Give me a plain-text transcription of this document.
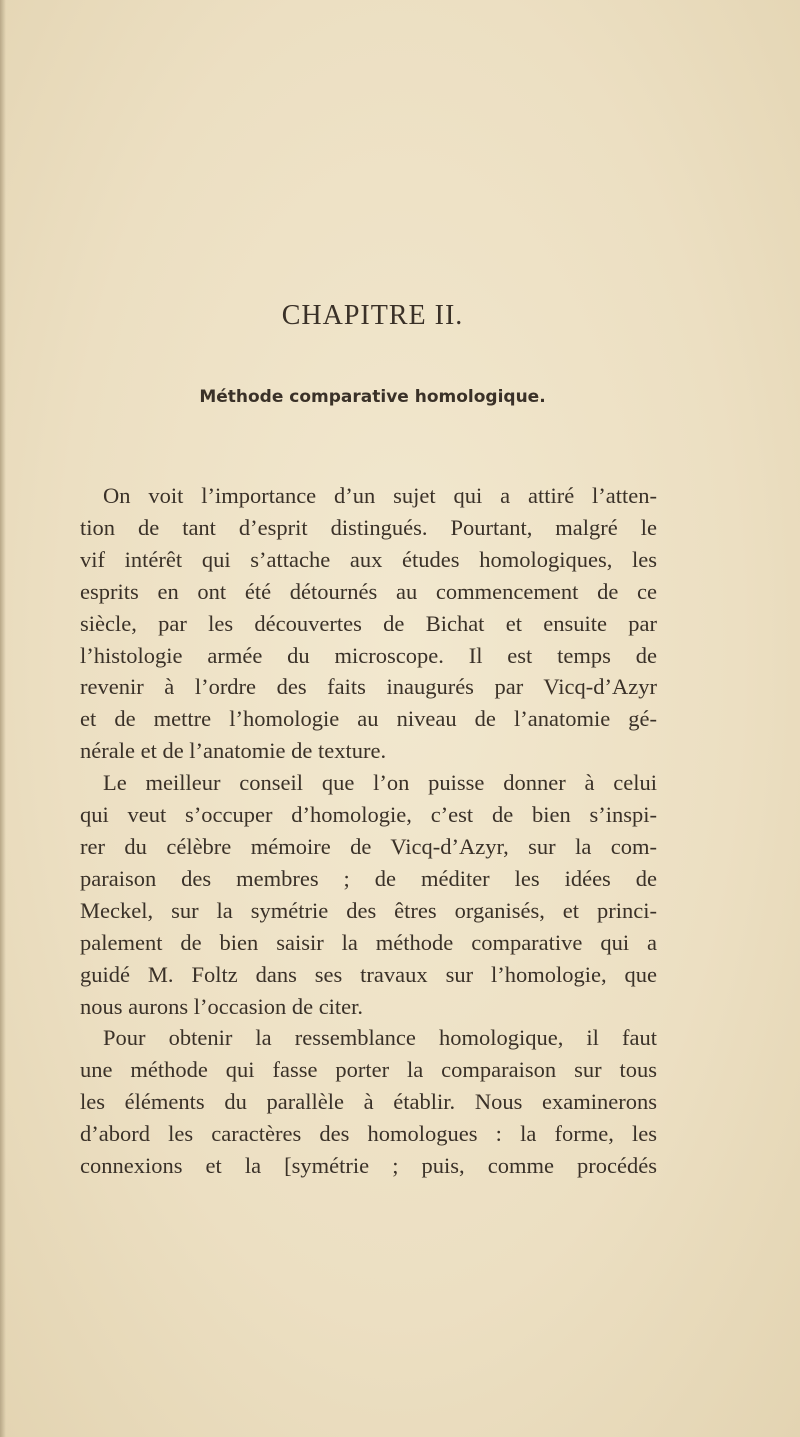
CHAPITRE II.
Méthode comparative homologique.
On voit l’importance d’un sujet qui a attiré l’atten-
tion de tant d’esprit distingués. Pourtant, malgré le
vif intérêt qui s’attache aux études homologiques, les
esprits en ont été détournés au commencement de ce
siècle, par les découvertes de Bichat et ensuite par
l’histologie armée du microscope. Il est temps de
revenir à l’ordre des faits inaugurés par Vicq-d’Azyr
et de mettre l’homologie au niveau de l’anatomie gé-
nérale et de l’anatomie de texture.
Le meilleur conseil que l’on puisse donner à celui
qui veut s’occuper d’homologie, c’est de bien s’inspi-
rer du célèbre mémoire de Vicq-d’Azyr, sur la com-
paraison des membres ; de méditer les idées de
Meckel, sur la symétrie des êtres organisés, et princi-
palement de bien saisir la méthode comparative qui a
guidé M. Foltz dans ses travaux sur l’homologie, que
nous aurons l’occasion de citer.
Pour obtenir la ressemblance homologique, il faut
une méthode qui fasse porter la comparaison sur tous
les éléments du parallèle à établir. Nous examinerons
d’abord les caractères des homologues : la forme, les
connexions et la [symétrie ; puis, comme procédés
